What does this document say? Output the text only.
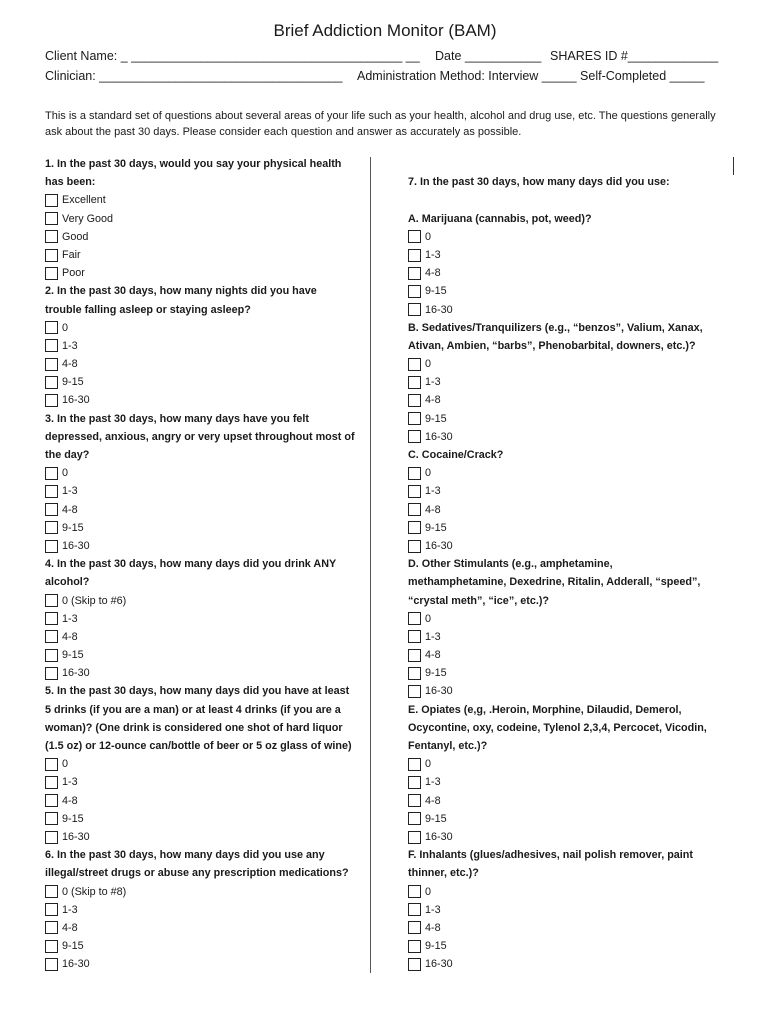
Brief Addiction Monitor (BAM)
Client Name: _ _______________________________________ __ Date ___________ SHARES ID #_____________
Clinician: ___________________________________ Administration Method: Interview _____ Self-Completed _____
This is a standard set of questions about several areas of your life such as your health, alcohol and drug use, etc. The questions generally ask about the past 30 days. Please consider each question and answer as accurately as possible.
1. In the past 30 days, would you say your physical health
has been:
Excellent
Very Good
Good
Fair
Poor
2. In the past 30 days, how many nights did you have
trouble falling asleep or staying asleep?
0
1-3
4-8
9-15
16-30
3. In the past 30 days, how many days have you felt
depressed, anxious, angry or very upset throughout most of
the day?
0
1-3
4-8
9-15
16-30
4. In the past 30 days, how many days did you drink ANY
alcohol?
0 (Skip to #6)
1-3
4-8
9-15
16-30
5. In the past 30 days, how many days did you have at least
5 drinks (if you are a man) or at least 4 drinks (if you are a
woman)? (One drink is considered one shot of hard liquor
(1.5 oz) or 12-ounce can/bottle of beer or 5 oz glass of wine)
0
1-3
4-8
9-15
16-30
6. In the past 30 days, how many days did you use any
illegal/street drugs or abuse any prescription medications?
0 (Skip to #8)
1-3
4-8
9-15
16-30
7. In the past 30 days, how many days did you use:
A. Marijuana (cannabis, pot, weed)?
0
1-3
4-8
9-15
16-30
B. Sedatives/Tranquilizers (e.g., “benzos”, Valium, Xanax,
Ativan, Ambien, “barbs”, Phenobarbital, downers, etc.)?
0
1-3
4-8
9-15
16-30
C. Cocaine/Crack?
0
1-3
4-8
9-15
16-30
D. Other Stimulants (e.g., amphetamine,
methamphetamine, Dexedrine, Ritalin, Adderall, “speed”,
“crystal meth”, “ice”, etc.)?
0
1-3
4-8
9-15
16-30
E. Opiates (e,g, .Heroin, Morphine, Dilaudid, Demerol,
Ocycontine, oxy, codeine, Tylenol 2,3,4, Percocet, Vicodin,
Fentanyl, etc.)?
0
1-3
4-8
9-15
16-30
F. Inhalants (glues/adhesives, nail polish remover, paint
thinner, etc.)?
0
1-3
4-8
9-15
16-30
